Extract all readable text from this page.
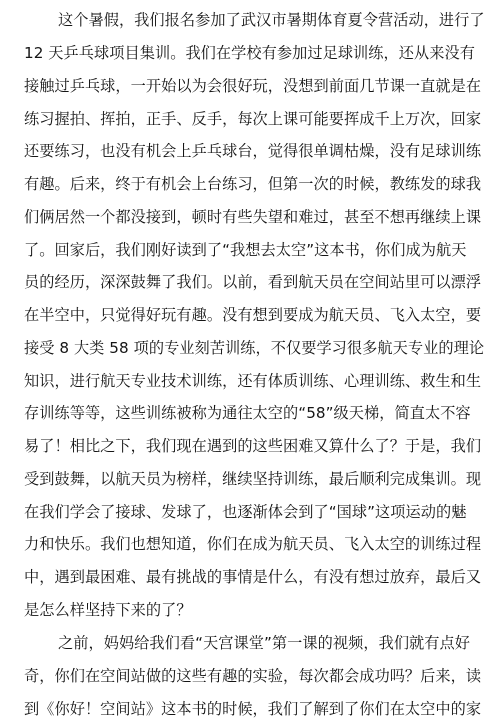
这个暑假，我们报名参加了武汉市暑期体育夏令营活动，进行了
12 天乒乓球项目集训。我们在学校有参加过足球训练，还从来没有
接触过乒乓球，一开始以为会很好玩，没想到前面几节课一直就是在
练习握拍、挥拍，正手、反手，每次上课可能要挥成千上万次，回家
还要练习，也没有机会上乒乓球台，觉得很单调枯燥，没有足球训练
有趣。后来，终于有机会上台练习，但第一次的时候，教练发的球我
们俩居然一个都没接到，顿时有些失望和难过，甚至不想再继续上课
了。回家后，我们刚好读到了“我想去太空”这本书，你们成为航天
员的经历，深深鼓舞了我们。以前，看到航天员在空间站里可以漂浮
在半空中，只觉得好玩有趣。没有想到要成为航天员、飞入太空，要
接受 8 大类 58 项的专业刻苦训练，不仅要学习很多航天专业的理论
知识，进行航天专业技术训练，还有体质训练、心理训练、救生和生
存训练等等，这些训练被称为通往太空的“58”级天梯，简直太不容
易了！相比之下，我们现在遇到的这些困难又算什么了？于是，我们
受到鼓舞，以航天员为榜样，继续坚持训练，最后顺利完成集训。现
在我们学会了接球、发球了，也逐渐体会到了“国球”这项运动的魅
力和快乐。我们也想知道，你们在成为航天员、飞入太空的训练过程
中，遇到最困难、最有挑战的事情是什么，有没有想过放弃，最后又
是怎么样坚持下来的了？
之前，妈妈给我们看“天宫课堂”第一课的视频，我们就有点好
奇，你们在空间站做的这些有趣的实验，每次都会成功吗？后来，读
到《你好！空间站》这本书的时候，我们了解到了你们在太空中的家
